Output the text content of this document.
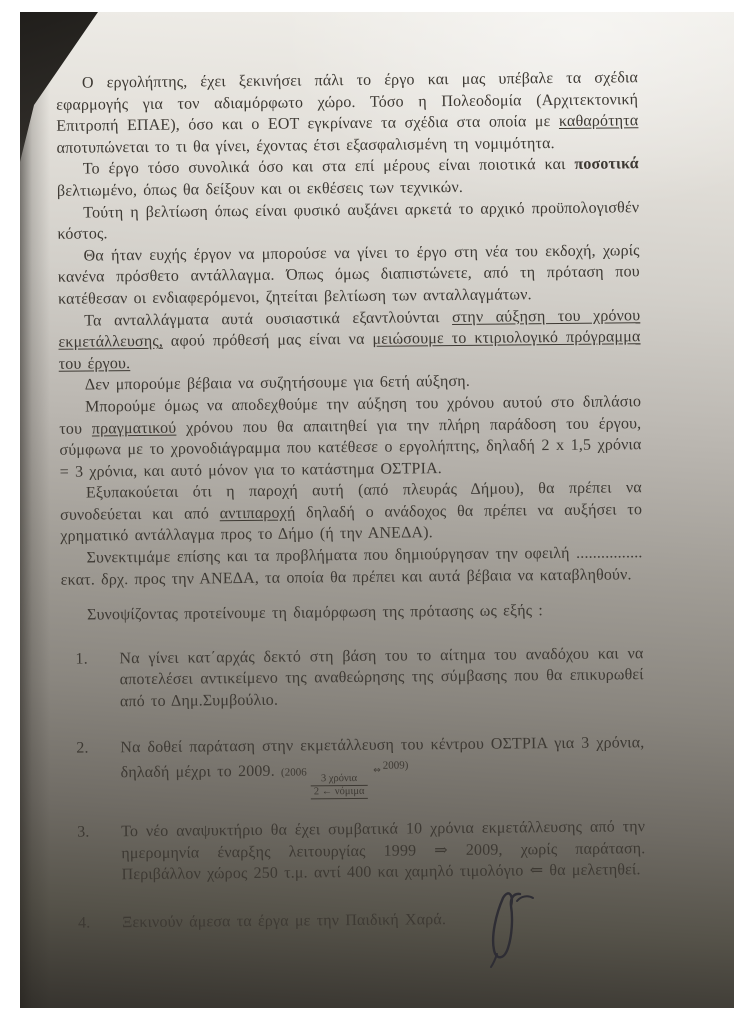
Ο εργολήπτης, έχει ξεκινήσει πάλι το έργο και μας υπέβαλε τα σχέδια εφαρμογής για τον αδιαμόρφωτο χώρο. Τόσο η Πολεοδομία (Αρχιτεκτονική Επιτροπή ΕΠΑΕ), όσο και ο ΕΟΤ εγκρίνανε τα σχέδια στα οποία με καθαρότητα αποτυπώνεται το τι θα γίνει, έχοντας έτσι εξασφαλισμένη τη νομιμότητα.

Το έργο τόσο συνολικά όσο και στα επί μέρους είναι ποιοτικά και ποσοτικά βελτιωμένο, όπως θα δείξουν και οι εκθέσεις των τεχνικών.

Τούτη η βελτίωση όπως είναι φυσικό αυξάνει αρκετά το αρχικό προϋπολογισθέν κόστος.

Θα ήταν ευχής έργον να μπορούσε να γίνει το έργο στη νέα του εκδοχή, χωρίς κανένα πρόσθετο αντάλλαγμα. Όπως όμως διαπιστώνετε, από τη πρόταση που κατέθεσαν οι ενδιαφερόμενοι, ζητείται βελτίωση των ανταλλαγμάτων.

Τα ανταλλάγματα αυτά ουσιαστικά εξαντλούνται στην αύξηση του χρόνου εκμετάλλευσης, αφού πρόθεσή μας είναι να μειώσουμε το κτιριολογικό πρόγραμμα του έργου.

Δεν μπορούμε βέβαια να συζητήσουμε για 6ετή αύξηση.

Μπορούμε όμως να αποδεχθούμε την αύξηση του χρόνου αυτού στο διπλάσιο του πραγματικού χρόνου που θα απαιτηθεί για την πλήρη παράδοση του έργου, σύμφωνα με το χρονοδιάγραμμα που κατέθεσε ο εργολήπτης, δηλαδή 2 x 1,5 χρόνια = 3 χρόνια, και αυτό μόνον για το κατάστημα ΟΣΤΡΙΑ.

Εξυπακούεται ότι η παροχή αυτή (από πλευράς Δήμου), θα πρέπει να συνοδεύεται και από αντιπαροχή δηλαδή ο ανάδοχος θα πρέπει να αυξήσει το χρηματικό αντάλλαγμα προς το Δήμο (ή την ΑΝΕΔΑ).

Συνεκτιμάμε επίσης και τα προβλήματα που δημιούργησαν την οφειλή ................ εκατ. δρχ. προς την ΑΝΕΔΑ, τα οποία θα πρέπει και αυτά βέβαια να καταβληθούν.

Συνοψίζοντας προτείνουμε τη διαμόρφωση της πρότασης ως εξής :

1.	Να γίνει κατ΄αρχάς δεκτό στη βάση του το αίτημα του αναδόχου και να αποτελέσει αντικείμενο της αναθεώρησης της σύμβασης που θα επικυρωθεί από το Δημ.Συμβούλιο.
2.	Να δοθεί παράταση στην εκμετάλλευση του κέντρου ΟΣΤΡΙΑ για 3 χρόνια, δηλαδή μέχρι το 2009. (2006
$\frac{\text{3 χρόνια}}{\text{2 ← νόμιμα}}$
⇔ 2009)
3.	Το νέο αναψυκτήριο θα έχει συμβατικά 10 χρόνια εκμετάλλευσης από την ημερομηνία έναρξης λειτουργίας 1999 ⇒ 2009, χωρίς παράταση. Περιβάλλον χώρος 250 τ.μ. αντί 400 και χαμηλό τιμολόγιο ⇐ θα μελετηθεί.
4.	Ξεκινούν άμεσα τα έργα με την Παιδική Χαρά.
